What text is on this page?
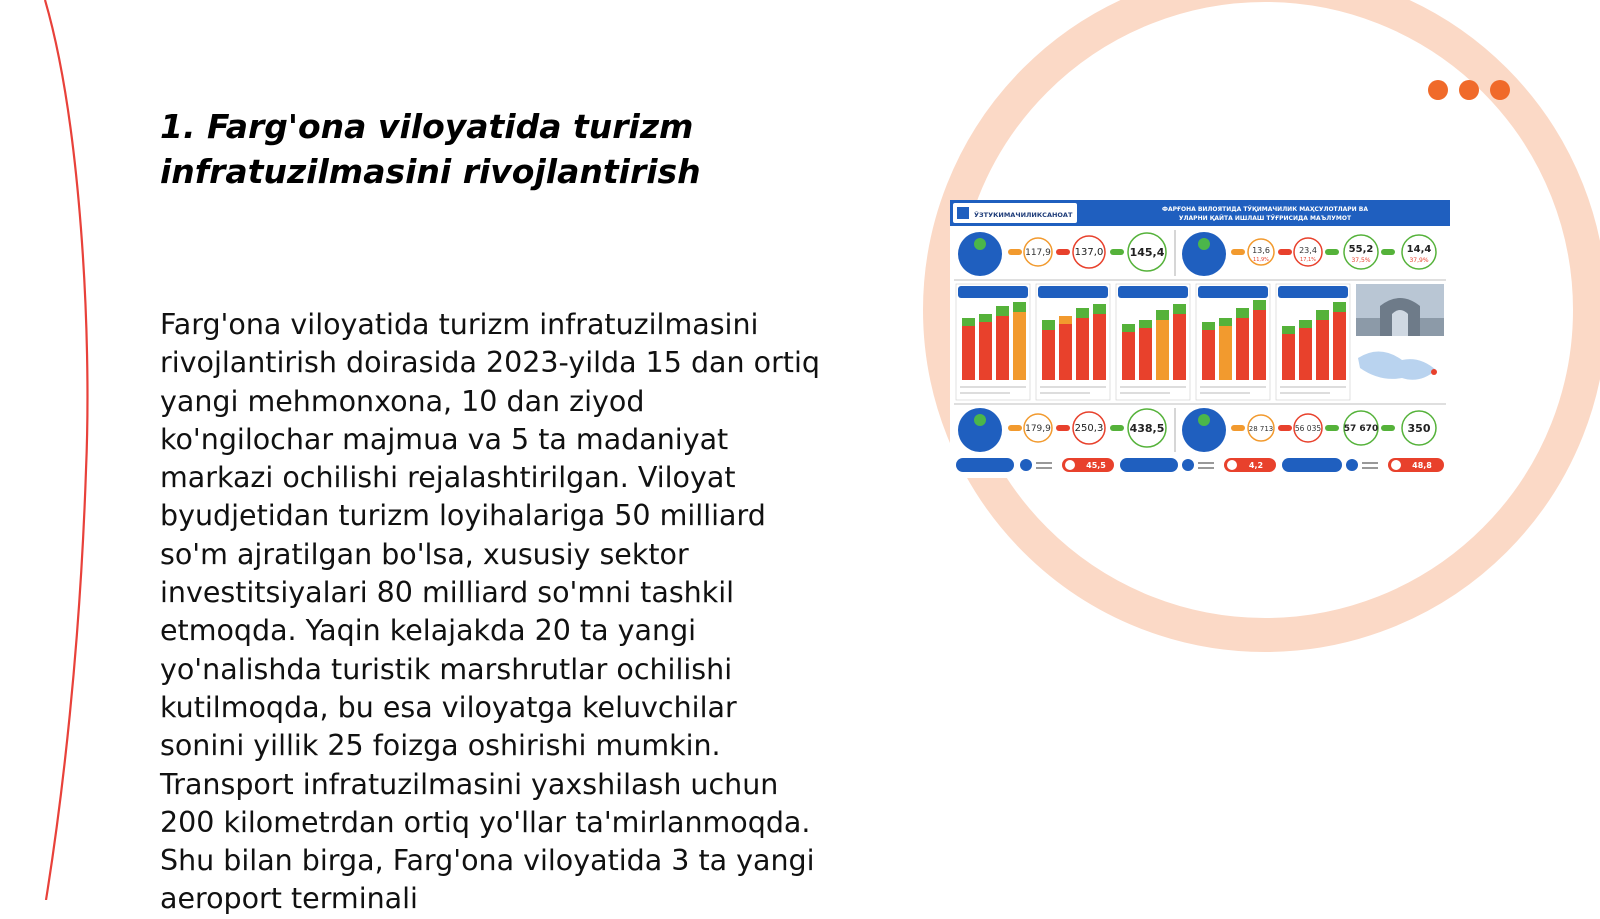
1. Farg'ona viloyatida turizm infratuzilmasini rivojlantirish

Farg'ona viloyatida turizm infratuzilmasini rivojlantirish doirasida 2023-yilda 15 dan ortiq yangi mehmonxona, 10 dan ziyod ko'ngilochar majmua va 5 ta madaniyat markazi ochilishi rejalashtirilgan. Viloyat byudjetidan turizm loyihalariga 50 milliard so'm ajratilgan bo'lsa, xususiy sektor investitsiyalari 80 milliard so'mni tashkil etmoqda. Yaqin kelajakda 20 ta yangi yo'nalishda turistik marshrutlar ochilishi kutilmoqda, bu esa viloyatga keluvchilar sonini yillik 25 foizga oshirishi mumkin. Transport infratuzilmasini yaxshilash uchun 200 kilometrdan ortiq yo'llar ta'mirlanmoqda. Shu bilan birga, Farg'ona viloyatida 3 ta yangi aeroport terminali

ЎЗТУКИМАЧИЛИКСАНОАТ
ФАРҒОНА ВИЛОЯТИДА ТЎҚИМАЧИЛИК МАҲСУЛОТЛАРИ ВА
УЛАРНИ ҚАЙТА ИШЛАШ ТЎҒРИСИДА МАЪЛУМОТ
117,9 137,0 145,4	13,6
11,9%
23,4
17,1%
55,2
37,5%
14,4
37,9%
179,9 250,3 438,5	28 713	56 035	57 670	350
45,5	4,2	48,8
